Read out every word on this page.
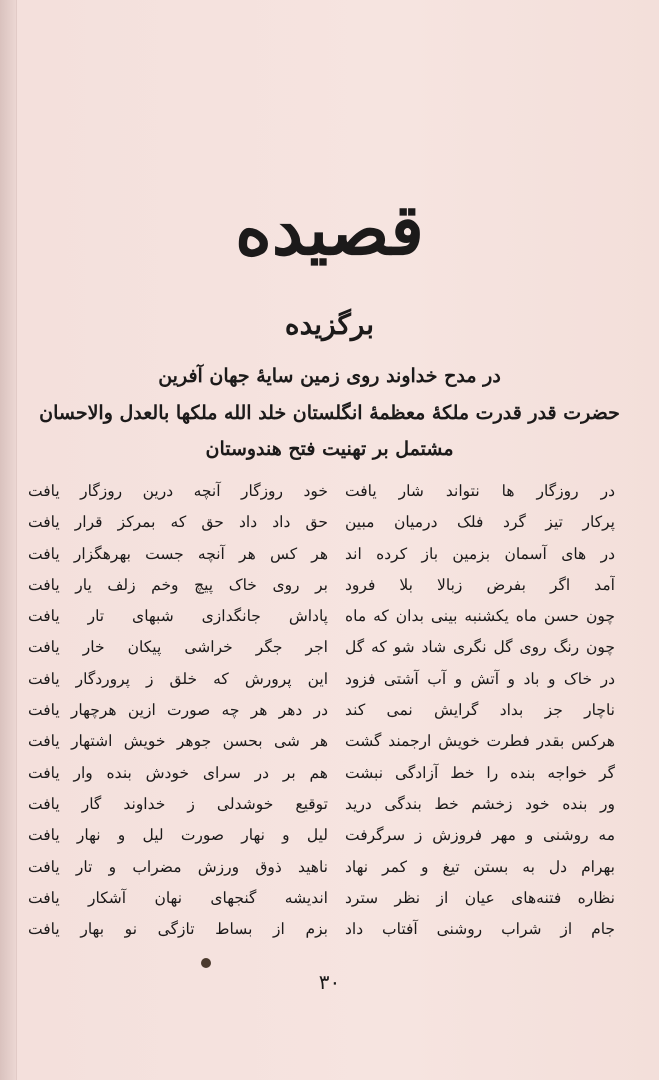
قصیده
برگزیده
در مدح خداوند روی زمین سایهٔ جهان آفرین
حضرت قدر قدرت ملکهٔ معظمهٔ انگلستان خلد الله ملکها بالعدل والاحسان
مشتمل بر تهنیت فتح هندوستان
در روزگار ها نتواند شار یافت
پرکار تیز گرد فلک درمیان مبین
در های آسمان بزمین باز کرده اند
آمد اگر بفرض زبالا بلا فرود
چون حسن ماه یکشنبه بینی بدان که ماه
چون رنگ روی گل نگری شاد شو که گل
در خاک و باد و آتش و آب آشتی فزود
ناچار جز بداد گرایش نمی کند
هرکس بقدر فطرت خویش ارجمند گشت
گر خواجه بنده را خط آزادگی نبشت
ور بنده خود زخشم خط بندگی درید
مه روشنی و مهر فروزش ز سرگرفت
بهرام دل به بستن تیغ و کمر نهاد
نظاره فتنه‌های عیان از نظر سترد
جام از شراب روشنی آفتاب داد
خود روزگار آنچه درین روزگار یافت
حق داد داد حق که بمرکز قرار یافت
هر کس هر آنچه جست بهرهگزار یافت
بر روی خاک پیچ وخم زلف یار یافت
پاداش جانگدازی شبهای تار یافت
اجر جگر خراشی پیکان خار یافت
این پرورش که خلق ز پروردگار یافت
در دهر هر چه صورت ازین هرچهار یافت
هر شی بحسن جوهر خویش اشتهار یافت
هم بر در سرای خودش بنده وار یافت
توقیع خوشدلی ز خداوند گار یافت
لیل و نهار صورت لیل و نهار یافت
ناهید ذوق ورزش مضراب و تار یافت
اندیشه گنجهای نهان آشکار یافت
بزم از بساط تازگی نو بهار یافت
۳۰
